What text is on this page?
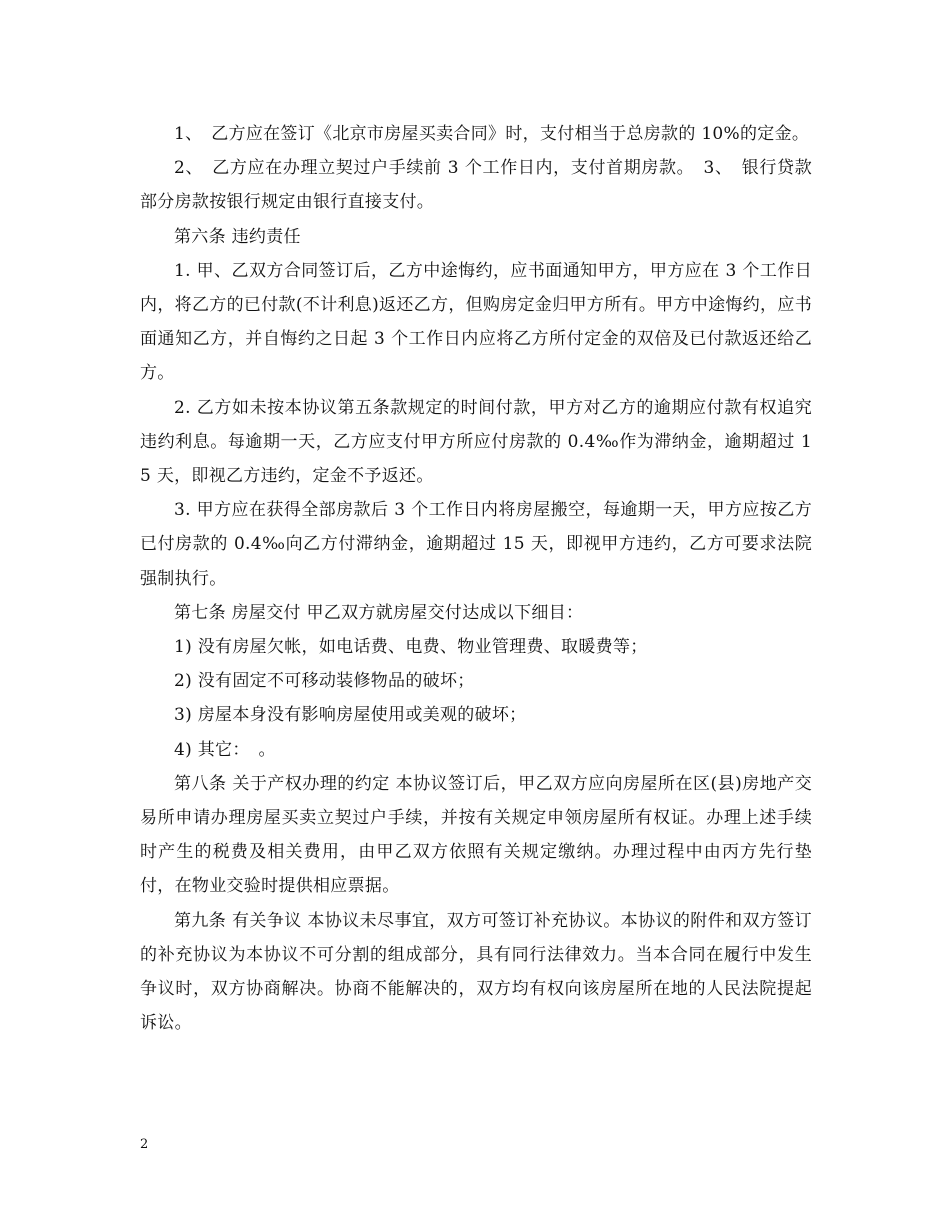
1、　乙方应在签订《北京市房屋买卖合同》时，支付相当于总房款的 10%的定金。

2、　乙方应在办理立契过户手续前 3 个工作日内，支付首期房款。　3、　银行贷款部分房款按银行规定由银行直接支付。

第六条 违约责任

1. 甲、乙双方合同签订后，乙方中途悔约，应书面通知甲方，甲方应在 3 个工作日内，将乙方的已付款(不计利息)返还乙方，但购房定金归甲方所有。甲方中途悔约，应书面通知乙方，并自悔约之日起 3 个工作日内应将乙方所付定金的双倍及已付款返还给乙方。

2. 乙方如未按本协议第五条款规定的时间付款，甲方对乙方的逾期应付款有权追究违约利息。每逾期一天，乙方应支付甲方所应付房款的 0.4‰作为滞纳金，逾期超过 15 天，即视乙方违约，定金不予返还。

3. 甲方应在获得全部房款后 3 个工作日内将房屋搬空，每逾期一天，甲方应按乙方已付房款的 0.4‰向乙方付滞纳金，逾期超过 15 天，即视甲方违约，乙方可要求法院强制执行。

第七条 房屋交付 甲乙双方就房屋交付达成以下细目：

1) 没有房屋欠帐，如电话费、电费、物业管理费、取暖费等；

2) 没有固定不可移动装修物品的破坏；

3) 房屋本身没有影响房屋使用或美观的破坏；

4) 其它：　。

第八条 关于产权办理的约定 本协议签订后，甲乙双方应向房屋所在区(县)房地产交易所申请办理房屋买卖立契过户手续，并按有关规定申领房屋所有权证。办理上述手续时产生的税费及相关费用，由甲乙双方依照有关规定缴纳。办理过程中由丙方先行垫付，在物业交验时提供相应票据。

第九条 有关争议 本协议未尽事宜，双方可签订补充协议。本协议的附件和双方签订的补充协议为本协议不可分割的组成部分，具有同行法律效力。当本合同在履行中发生争议时，双方协商解决。协商不能解决的，双方均有权向该房屋所在地的人民法院提起诉讼。

2
